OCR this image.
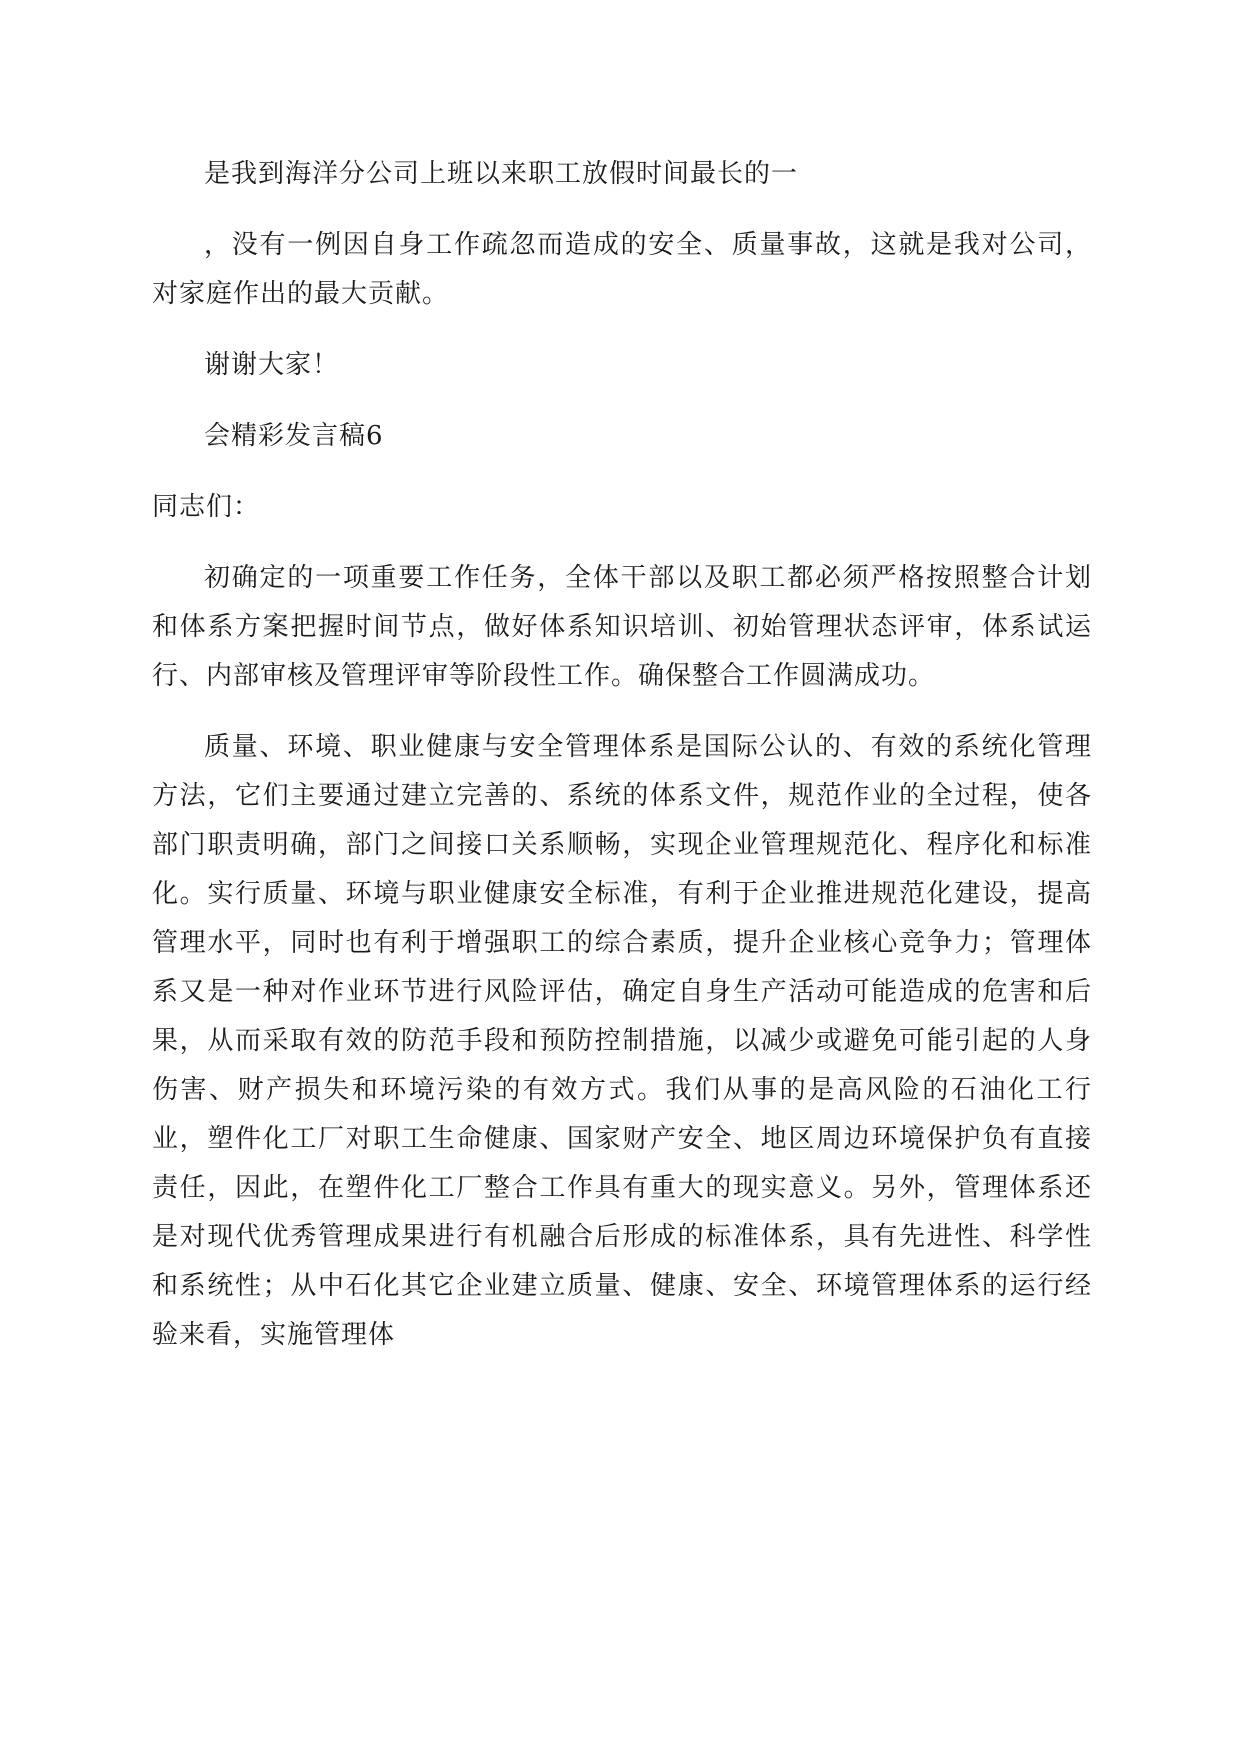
是我到海洋分公司上班以来职工放假时间最长的一

，没有一例因自身工作疏忽而造成的安全、质量事故，这就是我对公司，对家庭作出的最大贡献。

谢谢大家！

会精彩发言稿6

同志们：

初确定的一项重要工作任务，全体干部以及职工都必须严格按照整合计划和体系方案把握时间节点，做好体系知识培训、初始管理状态评审，体系试运行、内部审核及管理评审等阶段性工作。确保整合工作圆满成功。

质量、环境、职业健康与安全管理体系是国际公认的、有效的系统化管理方法，它们主要通过建立完善的、系统的体系文件，规范作业的全过程，使各部门职责明确，部门之间接口关系顺畅，实现企业管理规范化、程序化和标准化。实行质量、环境与职业健康安全标准，有利于企业推进规范化建设，提高管理水平，同时也有利于增强职工的综合素质，提升企业核心竞争力；管理体系又是一种对作业环节进行风险评估，确定自身生产活动可能造成的危害和后果，从而采取有效的防范手段和预防控制措施，以减少或避免可能引起的人身伤害、财产损失和环境污染的有效方式。我们从事的是高风险的石油化工行业，塑件化工厂对职工生命健康、国家财产安全、地区周边环境保护负有直接责任，因此，在塑件化工厂整合工作具有重大的现实意义。另外，管理体系还是对现代优秀管理成果进行有机融合后形成的标准体系，具有先进性、科学性和系统性；从中石化其它企业建立质量、健康、安全、环境管理体系的运行经验来看，实施管理体
